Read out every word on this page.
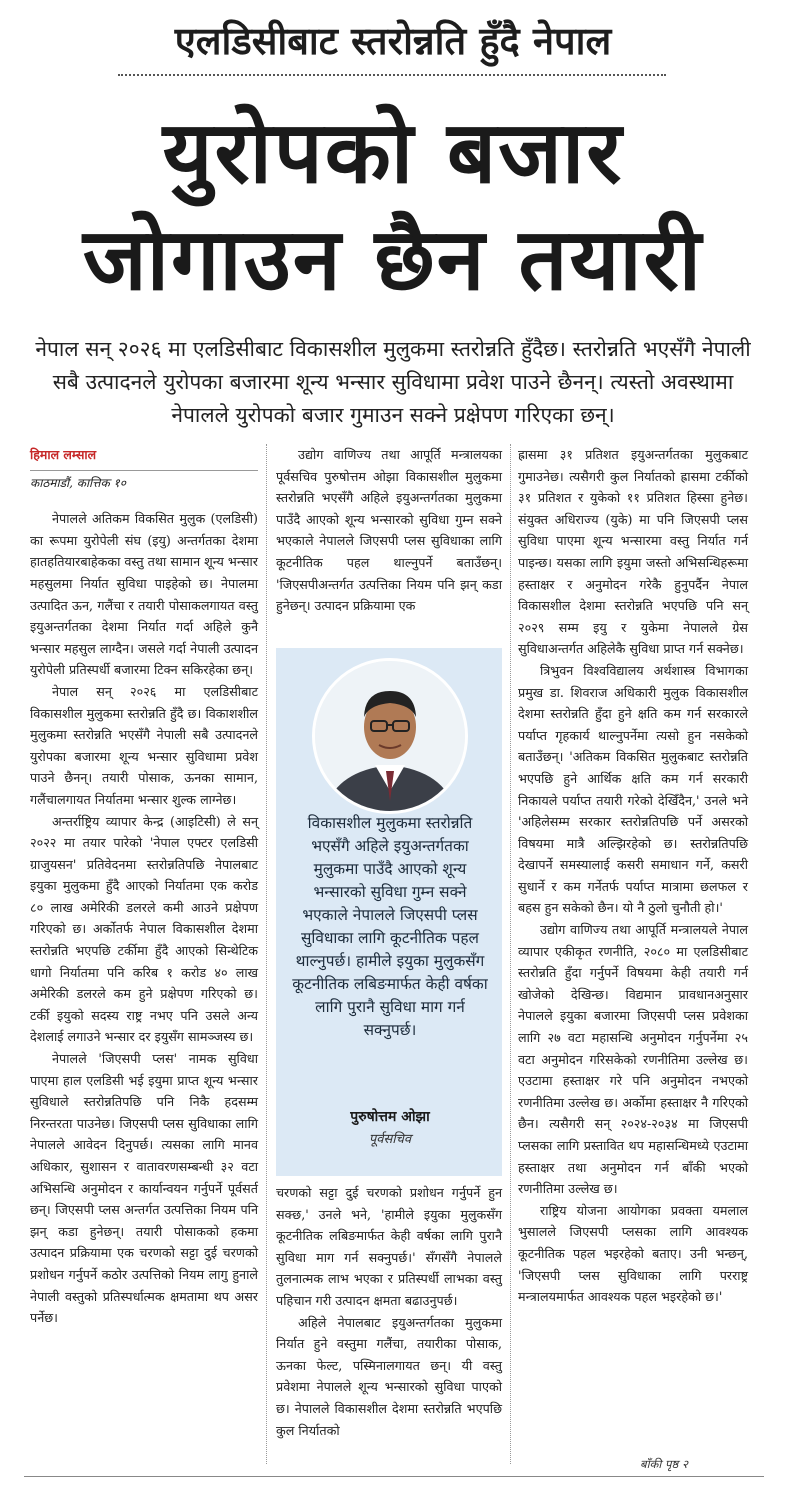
एलडिसीबाट स्तरोन्नति हुँदै नेपाल
युरोपको बजार
जोगाउन छैन तयारी
नेपाल सन् २०२६ मा एलडिसीबाट विकासशील मुलुकमा स्तरोन्नति हुँदैछ। स्तरोन्नति भएसँगै नेपाली सबै उत्पादनले युरोपका बजारमा शून्य भन्सार सुविधामा प्रवेश पाउने छैनन्। त्यस्तो अवस्थामा नेपालले युरोपको बजार गुमाउन सक्ने प्रक्षेपण गरिएका छन्।

हिमाल लम्साल

काठमाडौं, कात्तिक १०

नेपालले अतिकम विकसित मुलुक (एलडिसी) का रूपमा युरोपेली संघ (इयु) अन्तर्गतका देशमा हातहतियारबाहेकका वस्तु तथा सामान शून्य भन्सार महसुलमा निर्यात सुविधा पाइहेको छ। नेपालमा उत्पादित ऊन, गलैंचा र तयारी पोसाकलगायत वस्तु इयुअन्तर्गतका देशमा निर्यात गर्दा अहिले कुनै भन्सार महसुल लाग्दैन। जसले गर्दा नेपाली उत्पादन युरोपेली प्रतिस्पर्धी बजारमा टिक्न सकिरहेका छन्।

नेपाल सन् २०२६ मा एलडिसीबाट विकासशील मुलुकमा स्तरोन्नति हुँदै छ। विकाशशील मुलुकमा स्तरोन्नति भएसँगै नेपाली सबै उत्पादनले युरोपका बजारमा शून्य भन्सार सुविधामा प्रवेश पाउने छैनन्। तयारी पोसाक, ऊनका सामान, गलैंचालगायत निर्यातमा भन्सार शुल्क लाग्नेछ।

अन्तर्राष्ट्रिय व्यापार केन्द्र (आइटिसी) ले सन् २०२२ मा तयार पारेको 'नेपाल एफ्टर एलडिसी ग्राजुयसन' प्रतिवेदनमा स्तरोन्नतिपछि नेपालबाट इयुका मुलुकमा हुँदै आएको निर्यातमा एक करोड ८० लाख अमेरिकी डलरले कमी आउने प्रक्षेपण गरिएको छ। अर्कोतर्फ नेपाल विकासशील देशमा स्तरोन्नति भएपछि टर्कीमा हुँदै आएको सिन्थेटिक धागो निर्यातमा पनि करिब १ करोड ४० लाख अमेरिकी डलरले कम हुने प्रक्षेपण गरिएको छ। टर्की इयुको सदस्य राष्ट्र नभए पनि उसले अन्य देशलाई लगाउने भन्सार दर इयुसँग सामञ्जस्य छ।

नेपालले 'जिएसपी प्लस' नामक सुविधा पाएमा हाल एलडिसी भई इयुमा प्राप्त शून्य भन्सार सुविधाले स्तरोन्नतिपछि पनि निकै हदसम्म निरन्तरता पाउनेछ। जिएसपी प्लस सुविधाका लागि नेपालले आवेदन दिनुपर्छ। त्यसका लागि मानव अधिकार, सुशासन र वातावरणसम्बन्धी ३२ वटा अभिसन्धि अनुमोदन र कार्यान्वयन गर्नुपर्ने पूर्वसर्त छन्। जिएसपी प्लस अन्तर्गत उत्पत्तिका नियम पनि झन् कडा हुनेछन्। तयारी पोसाकको हकमा उत्पादन प्रक्रियामा एक चरणको सट्टा दुई चरणको प्रशोधन गर्नुपर्ने कठोर उत्पत्तिको नियम लागु हुनाले नेपाली वस्तुको प्रतिस्पर्धात्मक क्षमतामा थप असर पर्नेछ।

उद्योग वाणिज्य तथा आपूर्ति मन्त्रालयका पूर्वसचिव पुरुषोत्तम ओझा विकासशील मुलुकमा स्तरोन्नति भएसँगै अहिले इयुअन्तर्गतका मुलुकमा पाउँदै आएको शून्य भन्सारको सुविधा गुम्न सक्ने भएकाले नेपालले जिएसपी प्लस सुविधाका लागि कूटनीतिक पहल थाल्नुपर्ने बताउँछन्। 'जिएसपीअन्तर्गत उत्पत्तिका नियम पनि झन् कडा हुनेछन्। उत्पादन प्रक्रियामा एक

विकासशील मुलुकमा स्तरोन्नति भएसँगै अहिले इयुअन्तर्गतका मुलुकमा पाउँदै आएको शून्य भन्सारको सुविधा गुम्न सक्ने भएकाले नेपालले जिएसपी प्लस सुविधाका लागि कूटनीतिक पहल थाल्नुपर्छ। हामीले इयुका मुलुकसँग कूटनीतिक लबिङमार्फत केही वर्षका लागि पुरानै सुविधा माग गर्न सक्नुपर्छ।
पुरुषोत्तम ओझा
पूर्वसचिव

चरणको सट्टा दुई चरणको प्रशोधन गर्नुपर्ने हुन सक्छ,' उनले भने, 'हामीले इयुका मुलुकसँग कूटनीतिक लबिङमार्फत केही वर्षका लागि पुरानै सुविधा माग गर्न सक्नुपर्छ।' सँगसँगै नेपालले तुलनात्मक लाभ भएका र प्रतिस्पर्धी लाभका वस्तु पहिचान गरी उत्पादन क्षमता बढाउनुपर्छ।

अहिले नेपालबाट इयुअन्तर्गतका मुलुकमा निर्यात हुने वस्तुमा गलैंचा, तयारीका पोसाक, ऊनका फेल्ट, पस्मिनालगायत छन्। यी वस्तु प्रवेशमा नेपालले शून्य भन्सारको सुविधा पाएको छ। नेपालले विकासशील देशमा स्तरोन्नति भएपछि कुल निर्यातको

ह्रासमा ३१ प्रतिशत इयुअन्तर्गतका मुलुकबाट गुमाउनेछ। त्यसैगरी कुल निर्यातको ह्रासमा टर्कीको ३१ प्रतिशत र युकेको ११ प्रतिशत हिस्सा हुनेछ। संयुक्त अधिराज्य (युके) मा पनि जिएसपी प्लस सुविधा पाएमा शून्य भन्सारमा वस्तु निर्यात गर्न पाइन्छ। यसका लागि इयुमा जस्तो अभिसन्धिहरूमा हस्ताक्षर र अनुमोदन गरेकै हुनुपर्दैन नेपाल विकासशील देशमा स्तरोन्नति भएपछि पनि सन् २०२९ सम्म इयु र युकेमा नेपालले ग्रेस सुविधाअन्तर्गत अहिलेकै सुविधा प्राप्त गर्न सक्नेछ।

त्रिभुवन विश्वविद्यालय अर्थशास्त्र विभागका प्रमुख डा. शिवराज अधिकारी मुलुक विकासशील देशमा स्तरोन्नति हुँदा हुने क्षति कम गर्न सरकारले पर्याप्त गृहकार्य थाल्नुपर्नेमा त्यसो हुन नसकेको बताउँछन्। 'अतिकम विकसित मुलुकबाट स्तरोन्नति भएपछि हुने आर्थिक क्षति कम गर्न सरकारी निकायले पर्याप्त तयारी गरेको देखिँदैन,' उनले भने 'अहिलेसम्म सरकार स्तरोन्नतिपछि पर्ने असरको विषयमा मात्रै अल्झिरहेको छ। स्तरोन्नतिपछि देखापर्ने समस्यालाई कसरी समाधान गर्ने, कसरी सुधार्ने र कम गर्नेतर्फ पर्याप्त मात्रामा छलफल र बहस हुन सकेको छैन। यो नै ठुलो चुनौती हो।'

उद्योग वाणिज्य तथा आपूर्ति मन्त्रालयले नेपाल व्यापार एकीकृत रणनीति, २०८० मा एलडिसीबाट स्तरोन्नति हुँदा गर्नुपर्ने विषयमा केही तयारी गर्न खोजेको देखिन्छ। विद्यमान प्रावधानअनुसार नेपालले इयुका बजारमा जिएसपी प्लस प्रवेशका लागि २७ वटा महासन्धि अनुमोदन गर्नुपर्नेमा २५ वटा अनुमोदन गरिसकेको रणनीतिमा उल्लेख छ। एउटामा हस्ताक्षर गरे पनि अनुमोदन नभएको रणनीतिमा उल्लेख छ। अर्कोमा हस्ताक्षर नै गरिएको छैन। त्यसैगरी सन् २०२४-२०३४ मा जिएसपी प्लसका लागि प्रस्तावित थप महासन्धिमध्ये एउटामा हस्ताक्षर तथा अनुमोदन गर्न बाँकी भएको रणनीतिमा उल्लेख छ।

राष्ट्रिय योजना आयोगका प्रवक्ता यमलाल भुसालले जिएसपी प्लसका लागि आवश्यक कूटनीतिक पहल भइरहेको बताए। उनी भन्छन्, 'जिएसपी प्लस सुविधाका लागि परराष्ट्र मन्त्रालयमार्फत आवश्यक पहल भइरहेको छ।'

बाँकी पृष्ठ २
